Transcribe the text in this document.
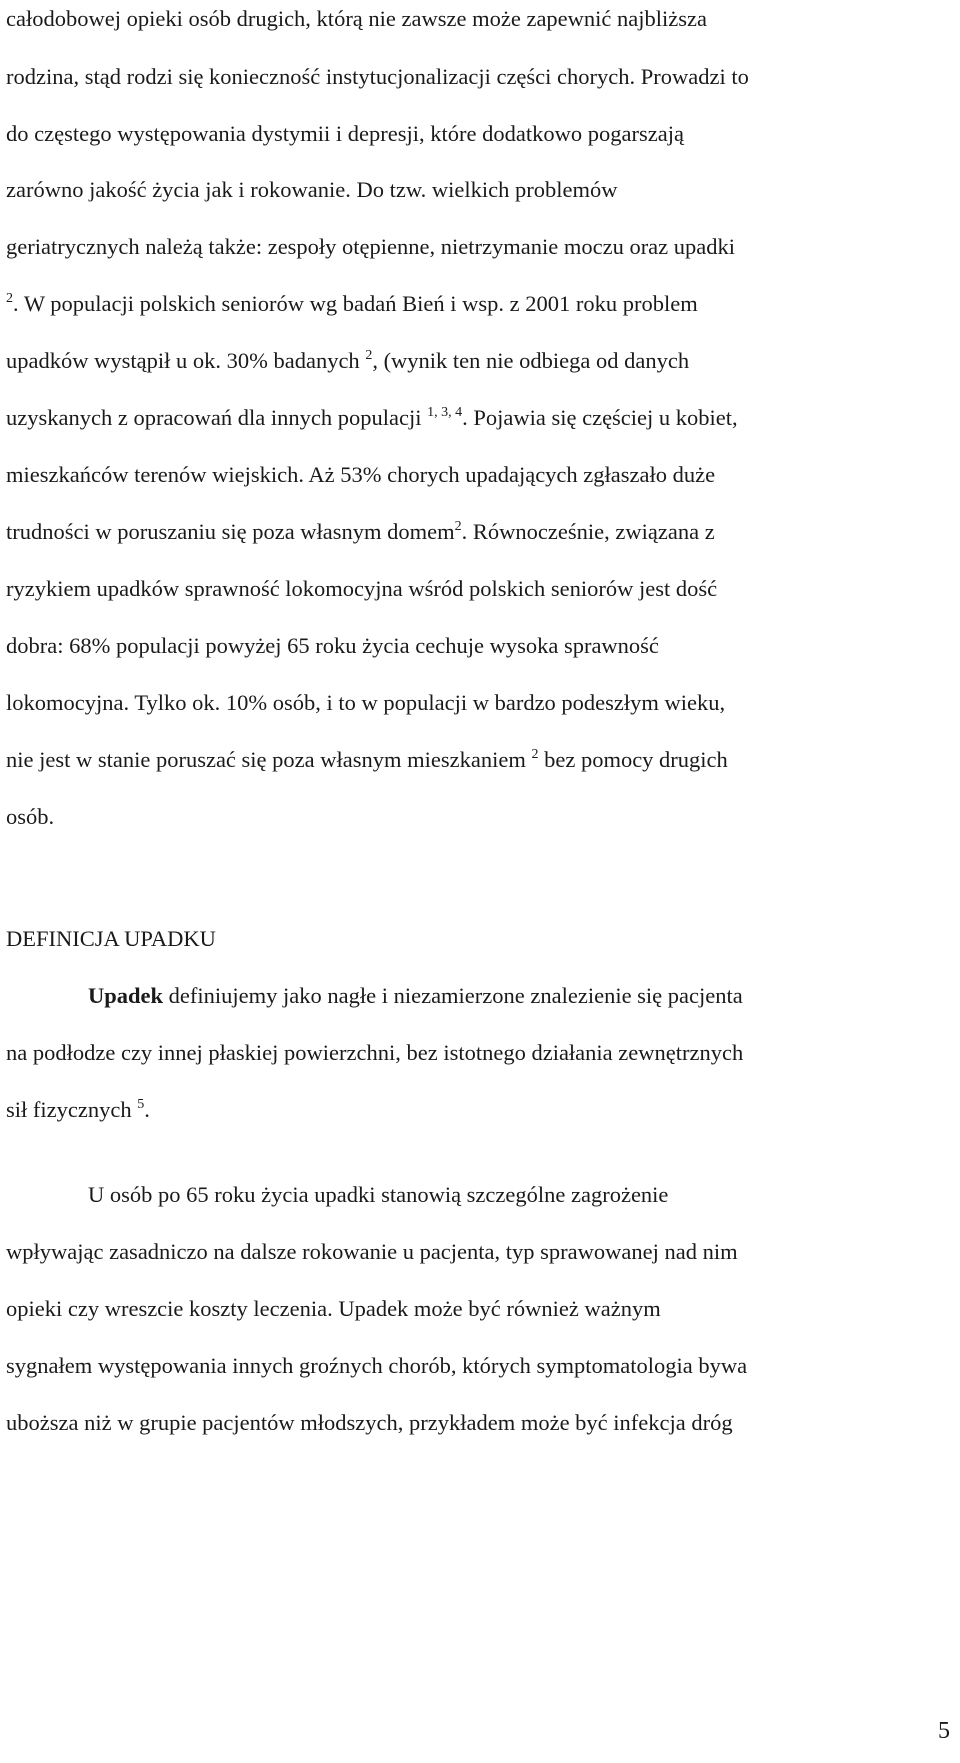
całodobowej opieki osób drugich, którą nie zawsze może zapewnić najbliższa
rodzina, stąd rodzi się konieczność instytucjonalizacji części chorych. Prowadzi to
do częstego występowania dystymii i depresji, które dodatkowo pogarszają
zarówno jakość życia jak i rokowanie. Do tzw. wielkich problemów
geriatrycznych należą także: zespoły otępienne, nietrzymanie moczu oraz upadki
$^2$. W populacji polskich seniorów wg badań Bień i wsp. z 2001 roku problem
upadków wystąpił u ok. 30% badanych $^2$, (wynik ten nie odbiega od danych
uzyskanych z opracowań dla innych populacji $^{1, 3, 4}$. Pojawia się częściej u kobiet,
mieszkańców terenów wiejskich. Aż 53% chorych upadających zgłaszało duże
trudności w poruszaniu się poza własnym domem$^2$. Równocześnie, związana z
ryzykiem upadków sprawność lokomocyjna wśród polskich seniorów jest dość
dobra: 68% populacji powyżej 65 roku życia cechuje wysoka sprawność
lokomocyjna. Tylko ok. 10% osób, i to w populacji w bardzo podeszłym wieku,
nie jest w stanie poruszać się poza własnym mieszkaniem $^2$ bez pomocy drugich
osób.
DEFINICJA UPADKU
Upadek definiujemy jako nagłe i niezamierzone znalezienie się pacjenta
na podłodze czy innej płaskiej powierzchni, bez istotnego działania zewnętrznych
sił fizycznych $^5$.
U osób po 65 roku życia upadki stanowią szczególne zagrożenie
wpływając zasadniczo na dalsze rokowanie u pacjenta, typ sprawowanej nad nim
opieki czy wreszcie koszty leczenia. Upadek może być również ważnym
sygnałem występowania innych groźnych chorób, których symptomatologia bywa
uboższa niż w grupie pacjentów młodszych, przykładem może być infekcja dróg
5
